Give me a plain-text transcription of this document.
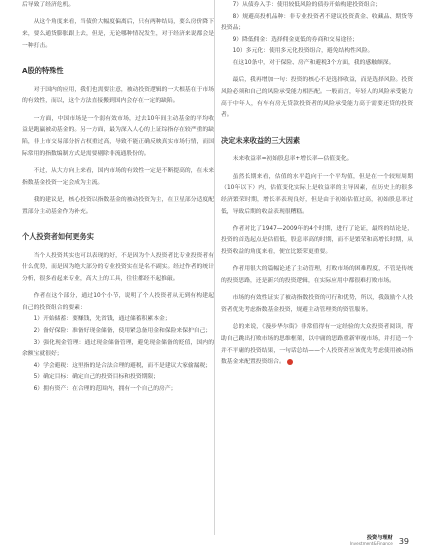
后导致了经济危机。

从这个角度来看，当债价大幅度偏离后，只有两种结局，要么房价降下来，要么通货膨胀跟上去，但是，无论哪种情况发生，对于经济来说都会是一种打击。

A股的特殊性

对于国内的应用，我们也需要注意，被动投资逻辑的一大根基在于市场的有效性，而以，这个方法直接搬到国内会存在一定的缺陷。

一方面，中国市场是一个弱有效市场，过去10年间主动基金的平均收益是跑赢被动基金的。另一方面，最为深入人心的上证综指存在较严重的缺陷，非上市交易部分折占权重过高，导致不能正确反映真实市场行情，而国际常用的指数编制方式是需要剔除非流通股份的。

不过，从大方向上来看，国内市场的有效性一定是不断提高的，在未来指数基金投资一定会成为主流。

我的建议是，核心投资以指数基金的被动投资为主，在卫星部分适度配置部分主动基金作为补充。

个人投资者如何更务实

当个人投资其实也可以表现的好，不是因为个人投资者比专业投资者有什么优势，而是因为绝大部分的专业投资实在是名不副实。经过作者的统计分析，很多看起来专业，高大上的工具，往往都经不起推敲。

作者在这个部分，通过10个小节，说明了个人投资者从无到有构建起自己的投资组合的要素：

1）开始储蓄：要赚钱，先省钱，通过储蓄积累本金；

2）备好保险：准备好现金储备，使用紧急备用金和保险来保护自己；

3）强化现金管理：通过现金储备管理，避免现金储备的贬值，国内的余额宝就很好；

4）学会避税：这里指的是合法合理的避税，而不是建议大家偷漏税；

5）确定目标：确定自己的投资目标和投资期限；

6）拥有资产：在合理的范围内，拥有一个自己的房产；

7）从债券入手：使用较低风险的债券开始构建投资组合；

8）规避高投机品种：非专业投资者不建议投资黄金、收藏品、期货等投资品；

9）降低佣金：选择佣金更低的券商和交易途径；

10）多元化：使用多元化投资组合，避免结构性风险。

在这10条中，对于保险、房产和避税3个方面，我的感触颇深。

最后，我再增加一句：投资的核心不是选择收益，而是选择风险。投资风险必须和自己的风险承受能力相匹配。一般而言，年轻人的风险承受能力高于中年人，有车有房无贷款投资者的风险承受能力高于需要还贷的投资者。

决定未来收益的三大因素

未来收益率=初始股息率+增长率—估值变化。

虽然长期来看，估值的水平趋向于一个平均值，但是在一个较短周期（10年以下）内，估值变化实际上是收益率的主导因素，在历史上的很多经济繁荣时期，增长率表现良好，但是由于初始估值过高，初始股息率过低，导致后期的收益表现很糟糕。

作者对比了1947—2009年的4个时期，进行了论证，最终的结论是，投资的首选起点是估值低，股息率高的时期，而不是繁荣和高增长时期，从投资收益的角度来看，便宜比繁荣更重要。

作者用很大的篇幅论述了主动管理，打败市场的困难程度，不管是传统的投资思路，还是新兴的投资逻辑，在实际应用中都很难打败市场。

市场的有效性证实了被动指数投资的可行和优势，所以，我鼓励个人投资者优先考虑指数基金投资，规避主动管理类的资管服务。

总的来说，《漫步华尔街》非常值得有一定经验的大众投资者阅读，帮助自己跳出打败市场的思维框架，以中庸的思路重新审视市场，并打造一个并不平庸的投资结果，一句话总结——个人投资者应该优先考虑使用被动指数基金来配置投资组合。

投资与理财
Investment&Finance 39
